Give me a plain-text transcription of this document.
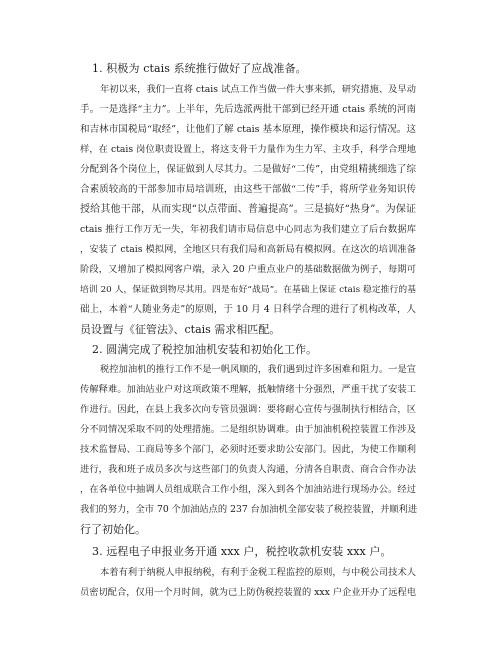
1. 积极为 ctais 系统推行做好了应战准备。
年初以来，我们一直将 ctais 试点工作当做一件大事来抓，研究措施、及早动
手。一是选择“主力”。上半年，先后选派两批干部到已经开通 ctais 系统的河南
和吉林市国税局“取经”，让他们了解 ctais 基本原理，操作模块和运行情况。这
样，在 ctais 岗位职责设置上，将这支骨干力量作为生力军、主攻手，科学合理地
分配到各个岗位上，保证做到人尽其力。二是做好“二传”，由党组精挑细选了综
合素质较高的干部参加市局培训班，由这些干部做“二传”手，将所学业务知识传
授给其他干部，从而实现“以点带面、普遍提高”。三是搞好“热身”。为保证
ctais 推行工作万无一失，年初我们请市局信息中心同志为我们建立了后台数据库
，安装了 ctais 模拟网，全地区只有我们局和高新局有模拟网。在这次的培训准备
阶段，又增加了模拟网客户端，录入 20 户重点业户的基础数据做为例子，每期可
培训 20 人，保证做到物尽其用。四是布好“战局”。在基础上保证 ctais 稳定推行的基
础上，本着“人随业务走”的原则，于 10 月 4 日科学合理的进行了机构改革，人
员设置与《征管法》、ctais 需求相匹配。
2. 圆满完成了税控加油机安装和初始化工作。
税控加油机的推行工作不是一帆风顺的，我们遇到过许多困难和阻力。一是宣
传解释难。加油站业户对这项政策不理解，抵触情绪十分强烈，严重干扰了安装工
作进行。因此，在县上我多次向专管员强调：要将耐心宣传与强制执行相结合，区
分不同情况采取不同的处理措施。二是组织协调难。由于加油机税控装置工作涉及
技术监督局、工商局等多个部门，必须时还要求助公安部门。因此，为使工作顺利
进行，我和班子成员多次与这些部门的负责人沟通，分清各自职责、商合合作办法
，在各单位中抽调人员组成联合工作小组，深入到各个加油站进行现场办公。经过
我们的努力，全市 70 个加油站点的 237 台加油机全部安装了税控装置，并顺利进
行了初始化。
3. 远程电子申报业务开通 xxx 户，税控收款机安装 xxx 户。
本着有利于纳税人申报纳税，有利于金税工程监控的原则，与中税公司技术人
员密切配合，仅用一个月时间，就为已上防伪税控装置的 xxx 户企业开办了远程电
